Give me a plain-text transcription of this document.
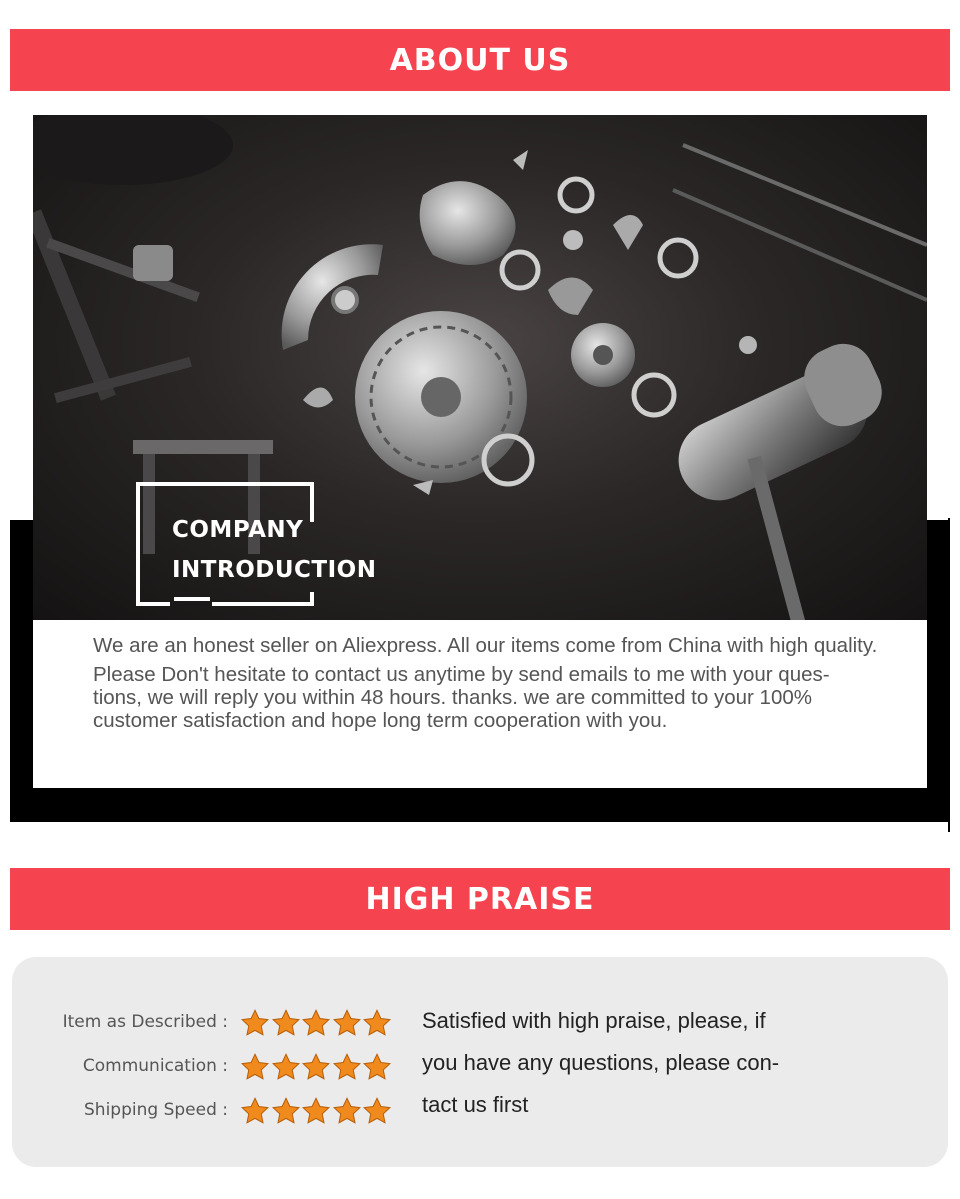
ABOUT US
COMPANY
INTRODUCTION

We are an honest seller on Aliexpress. All our items come from China with high quality.

Please Don't hesitate to contact us anytime by send emails to me with your ques-
tions, we will reply you within 48 hours. thanks. we are committed to your 100%
customer satisfaction and hope long term cooperation with you.

HIGH PRAISE
Item as Described :
Communication :
Shipping Speed :
Satisfied with high praise, please, if
you have any questions, please con-
tact us first
